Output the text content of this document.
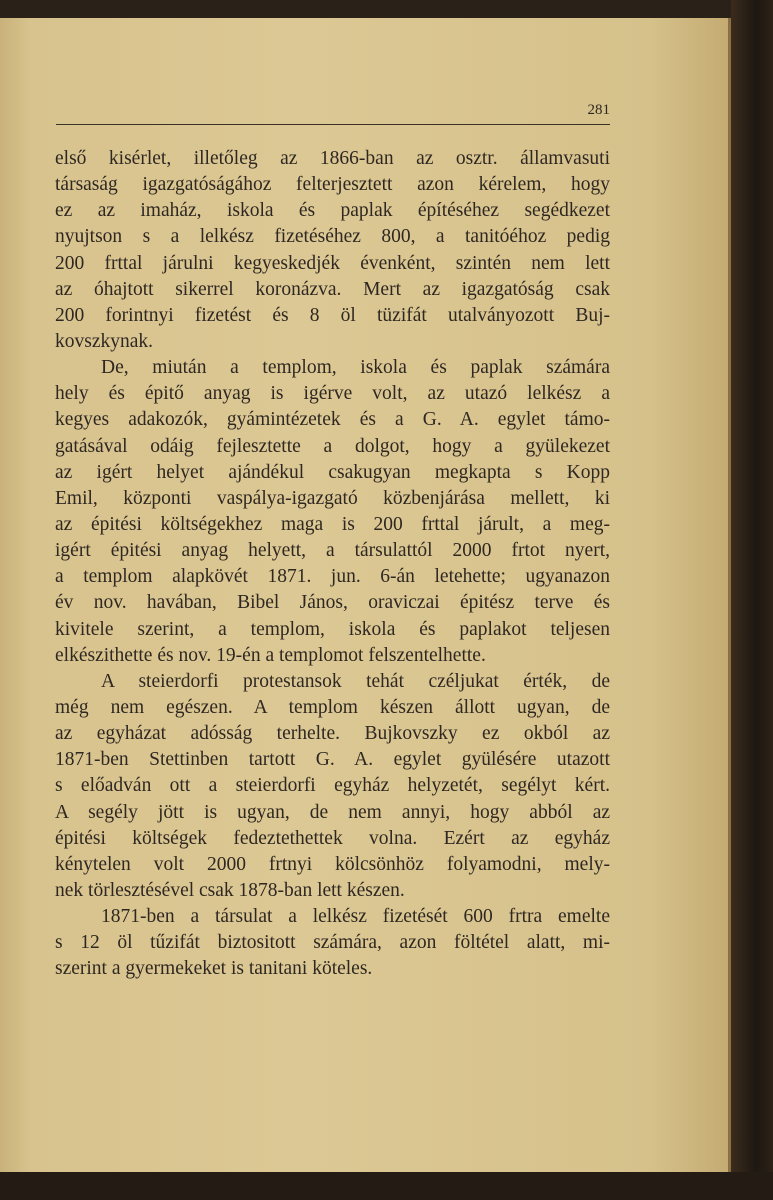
281
első kisérlet, illetőleg az 1866-ban az osztr. államvasuti
társaság igazgatóságához felterjesztett azon kérelem, hogy
ez az imaház, iskola és paplak építéséhez segédkezet
nyujtson s a lelkész fizetéséhez 800, a tanitóéhoz pedig
200 frttal járulni kegyeskedjék évenként, szintén nem lett
az óhajtott sikerrel koronázva. Mert az igazgatóság csak
200 forintnyi fizetést és 8 öl tüzifát utalványozott Buj-
kovszkynak.
De, miután a templom, iskola és paplak számára
hely és épitő anyag is igérve volt, az utazó lelkész a
kegyes adakozók, gyámintézetek és a G. A. egylet támo-
gatásával odáig fejlesztette a dolgot, hogy a gyülekezet
az igért helyet ajándékul csakugyan megkapta s Kopp
Emil, központi vaspálya-igazgató közbenjárása mellett, ki
az épitési költségekhez maga is 200 frttal járult, a meg-
igért épitési anyag helyett, a társulattól 2000 frtot nyert,
a templom alapkövét 1871. jun. 6-án letehette; ugyanazon
év nov. havában, Bibel János, oraviczai épitész terve és
kivitele szerint, a templom, iskola és paplakot teljesen
elkészithette és nov. 19-én a templomot felszentelhette.
A steierdorfi protestansok tehát czéljukat érték, de
még nem egészen. A templom készen állott ugyan, de
az egyházat adósság terhelte. Bujkovszky ez okból az
1871-ben Stettinben tartott G. A. egylet gyülésére utazott
s előadván ott a steierdorfi egyház helyzetét, segélyt kért.
A segély jött is ugyan, de nem annyi, hogy abból az
épitési költségek fedeztethettek volna. Ezért az egyház
kénytelen volt 2000 frtnyi kölcsönhöz folyamodni, mely-
nek törlesztésével csak 1878-ban lett készen.
1871-ben a társulat a lelkész fizetését 600 frtra emelte
s 12 öl tűzifát biztositott számára, azon föltétel alatt, mi-
szerint a gyermekeket is tanitani köteles.
